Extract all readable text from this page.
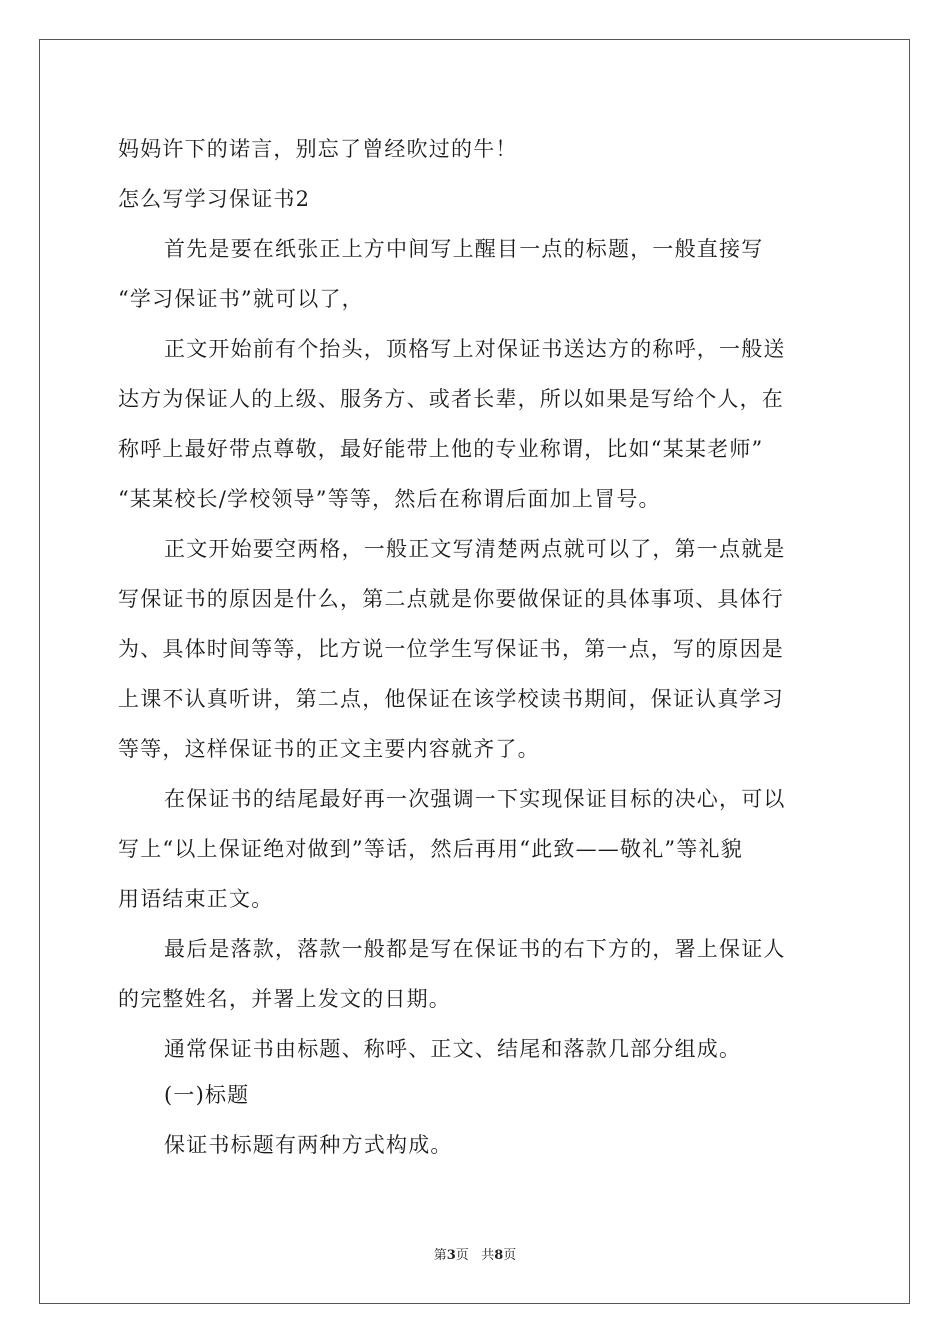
妈妈许下的诺言，别忘了曾经吹过的牛！
怎么写学习保证书2
首先是要在纸张正上方中间写上醒目一点的标题，一般直接写
“学习保证书”就可以了，
正文开始前有个抬头，顶格写上对保证书送达方的称呼，一般送
达方为保证人的上级、服务方、或者长辈，所以如果是写给个人，在
称呼上最好带点尊敬，最好能带上他的专业称谓，比如“某某老师”
“某某校长/学校领导”等等，然后在称谓后面加上冒号。
正文开始要空两格，一般正文写清楚两点就可以了，第一点就是
写保证书的原因是什么，第二点就是你要做保证的具体事项、具体行
为、具体时间等等，比方说一位学生写保证书，第一点，写的原因是
上课不认真听讲，第二点，他保证在该学校读书期间，保证认真学习
等等，这样保证书的正文主要内容就齐了。
在保证书的结尾最好再一次强调一下实现保证目标的决心，可以
写上“以上保证绝对做到”等话，然后再用“此致——敬礼”等礼貌
用语结束正文。
最后是落款，落款一般都是写在保证书的右下方的，署上保证人
的完整姓名，并署上发文的日期。
通常保证书由标题、称呼、正文、结尾和落款几部分组成。
(一)标题
保证书标题有两种方式构成。
第3页   共8页
